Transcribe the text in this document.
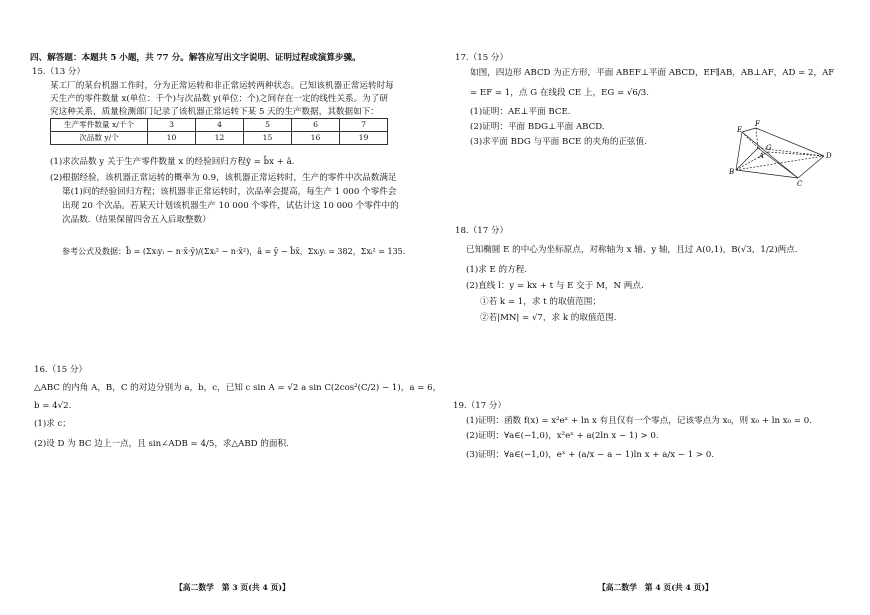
四、解答题：本题共 5 小题，共 77 分。解答应写出文字说明、证明过程或演算步骤。
15.（13 分）
某工厂的某台机器工作时，分为正常运转和非正常运转两种状态。已知该机器正常运转时每
天生产的零件数量 x(单位：千个)与次品数 y(单位：个)之间存在一定的线性关系。为了研
究这种关系，质量检测部门记录了该机器正常运转下某 5 天的生产数据，其数据如下：
生产零件数量 x/千个	3	4	5	6	7
次品数 y/个	10	12	15	16	19
(1)求次品数 y 关于生产零件数量 x 的经验回归方程ŷ = b̂x + â.
(2)根据经验，该机器正常运转的概率为 0.9，该机器正常运转时，生产的零件中次品数满足
第(1)问的经验回归方程；该机器非正常运转时，次品率会提高，每生产 1 000 个零件会
出现 20 个次品。若某天计划该机器生产 10 000 个零件，试估计这 10 000 个零件中的
次品数.（结果保留四舍五入后取整数）
参考公式及数据：b̂ = (Σxᵢyᵢ − n·x̄·ȳ)/(Σxᵢ² − n·x̄²)，â = ȳ − b̂x̄，Σxᵢyᵢ = 382，Σxᵢ² = 135.
16.（15 分）
△ABC 的内角 A，B，C 的对边分别为 a，b，c，已知 c sin A = √2 a sin C(2cos²(C/2) − 1)，a = 6，
b = 4√2.
(1)求 c；
(2)设 D 为 BC 边上一点，且 sin∠ADB = 4/5，求△ABD 的面积.
【高二数学　第 3 页(共 4 页)】
17.（15 分）
如图，四边形 ABCD 为正方形，平面 ABEF⊥平面 ABCD，EF∥AB，AB⊥AF，AD = 2，AF
= EF = 1，点 G 在线段 CE 上，EG = √6/3.
(1)证明：AE⊥平面 BCE.
(2)证明：平面 BDG⊥平面 ABCD.
(3)求平面 BDG 与平面 BCE 的夹角的正弦值.
E
F
G
A
B
C
D
18.（17 分）
已知椭圆 E 的中心为坐标原点，对称轴为 x 轴、y 轴，且过 A(0,1)，B(√3，1/2)两点.
(1)求 E 的方程.
(2)直线 l：y = kx + t 与 E 交于 M，N 两点.
①若 k = 1，求 t 的取值范围；
②若|MN| = √7，求 k 的取值范围.
19.（17 分）
(1)证明：函数 f(x) = x²eˣ + ln x 有且仅有一个零点，记该零点为 x₀，则 x₀ + ln x₀ = 0.
(2)证明：∀a∈(−1,0)，x²eˣ + a(2ln x − 1) > 0.
(3)证明：∀a∈(−1,0)，eˣ + (a/x − a − 1)ln x + a/x − 1 > 0.
【高二数学　第 4 页(共 4 页)】
